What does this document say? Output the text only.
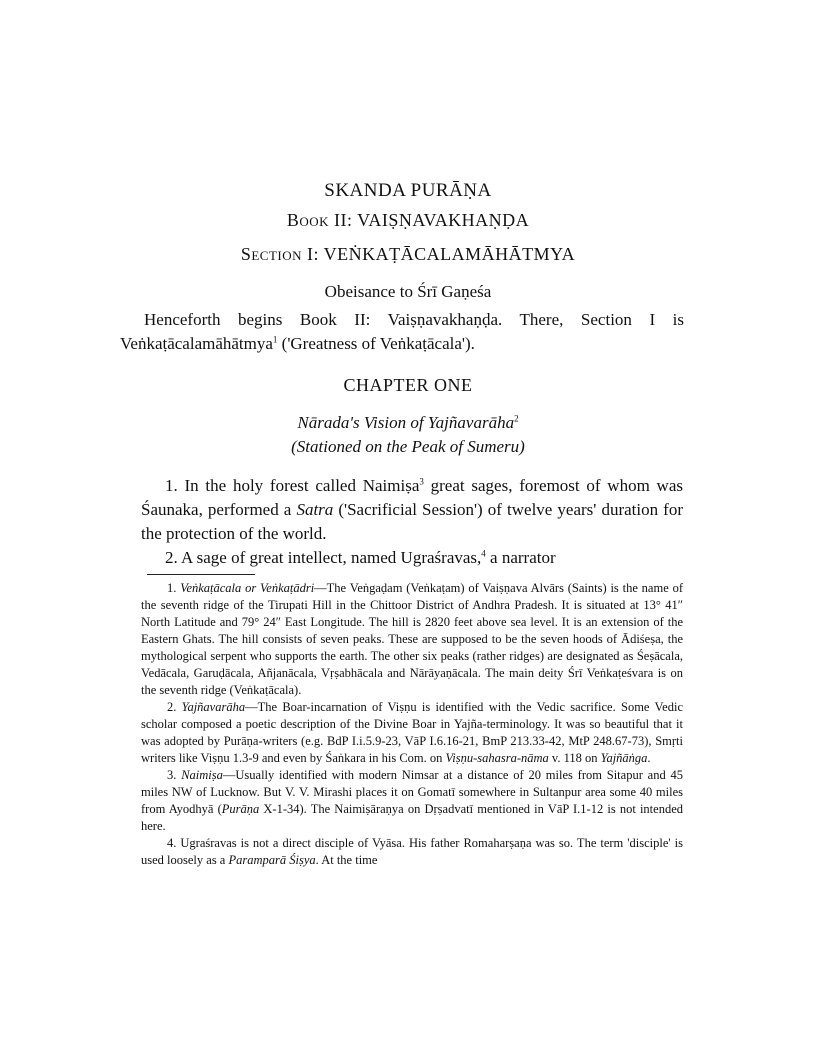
SKANDA PURĀṆA
Book II: VAIṢṆAVAKHAṆḌA
Section I: VEṄKAṬĀCALAMĀHĀTMYA
Obeisance to Śrī Gaṇeśa

Henceforth begins Book II: Vaiṣṇavakhaṇḍa. There, Section I is Veṅkaṭācalamāhātmya$^1$ ('Greatness of Veṅkaṭācala').

CHAPTER ONE
Nārada's Vision of Yajñavarāha$^2$
(Stationed on the Peak of Sumeru)

1. In the holy forest called Naimiṣa$^3$ great sages, foremost of whom was Śaunaka, performed a Satra ('Sacrificial Session') of twelve years' duration for the protection of the world.

2. A sage of great intellect, named Ugraśravas,$^4$ a narrator

1. Veṅkaṭācala or Veṅkaṭādri—The Veṅgaḍam (Veṅkaṭam) of Vaiṣṇava Alvārs (Saints) is the name of the seventh ridge of the Tirupati Hill in the Chittoor District of Andhra Pradesh. It is situated at 13° 41″ North Latitude and 79° 24″ East Longitude. The hill is 2820 feet above sea level. It is an extension of the Eastern Ghats. The hill consists of seven peaks. These are supposed to be the seven hoods of Ādiśeṣa, the mythological serpent who supports the earth. The other six peaks (rather ridges) are designated as Śeṣācala, Vedācala, Garuḍācala, Añjanācala, Vṛṣabhācala and Nārāyaṇācala. The main deity Śrī Veṅkaṭeśvara is on the seventh ridge (Veṅkaṭācala).

2. Yajñavarāha—The Boar-incarnation of Viṣṇu is identified with the Vedic sacrifice. Some Vedic scholar composed a poetic description of the Divine Boar in Yajña-terminology. It was so beautiful that it was adopted by Purāṇa-writers (e.g. BdP I.i.5.9-23, VāP I.6.16-21, BmP 213.33-42, MtP 248.67-73), Smṛti writers like Viṣṇu 1.3-9 and even by Śaṅkara in his Com. on Viṣṇu-sahasra-nāma v. 118 on Yajñāṅga.

3. Naimiṣa—Usually identified with modern Nimsar at a distance of 20 miles from Sitapur and 45 miles NW of Lucknow. But V. V. Mirashi places it on Gomatī somewhere in Sultanpur area some 40 miles from Ayodhyā (Purāṇa X-1-34). The Naimiṣāraṇya on Dṛṣadvatī mentioned in VāP I.1-12 is not intended here.

4. Ugraśravas is not a direct disciple of Vyāsa. His father Romaharṣaṇa was so. The term 'disciple' is used loosely as a Paramparā Śiṣya. At the time
